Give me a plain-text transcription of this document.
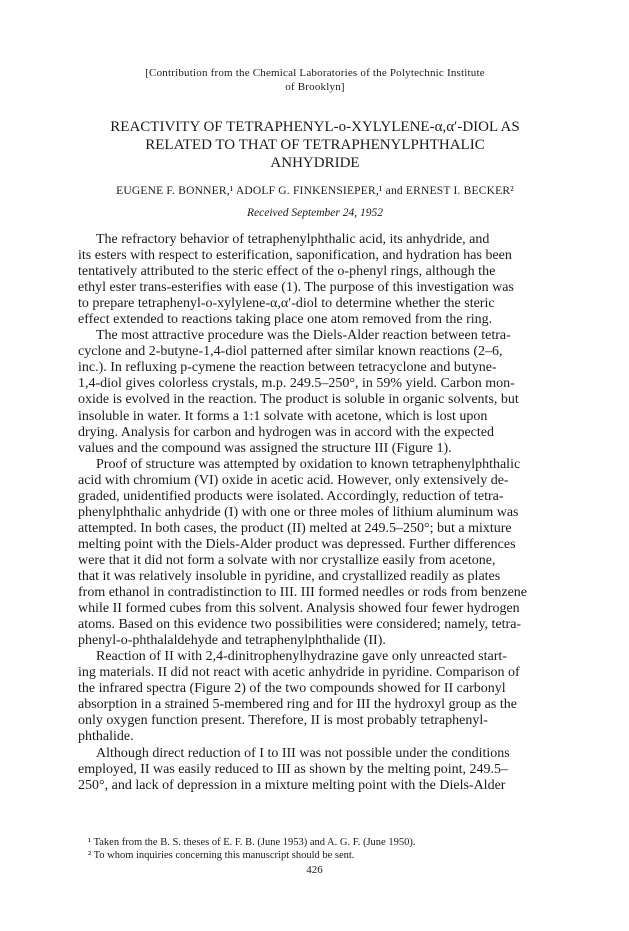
[Contribution from the Chemical Laboratories of the Polytechnic Institute
of Brooklyn]
REACTIVITY OF TETRAPHENYL-o-XYLYLENE-α,α′-DIOL AS
RELATED TO THAT OF TETRAPHENYLPHTHALIC
ANHYDRIDE
EUGENE F. BONNER,¹ ADOLF G. FINKENSIEPER,¹ and ERNEST I. BECKER²
Received September 24, 1952
The refractory behavior of tetraphenylphthalic acid, its anhydride, and
its esters with respect to esterification, saponification, and hydration has been
tentatively attributed to the steric effect of the o-phenyl rings, although the
ethyl ester trans-esterifies with ease (1). The purpose of this investigation was
to prepare tetraphenyl-o-xylylene-α,α′-diol to determine whether the steric
effect extended to reactions taking place one atom removed from the ring.
The most attractive procedure was the Diels-Alder reaction between tetra-
cyclone and 2-butyne-1,4-diol patterned after similar known reactions (2–6,
inc.). In refluxing p-cymene the reaction between tetracyclone and butyne-
1,4-diol gives colorless crystals, m.p. 249.5–250°, in 59% yield. Carbon mon-
oxide is evolved in the reaction. The product is soluble in organic solvents, but
insoluble in water. It forms a 1:1 solvate with acetone, which is lost upon
drying. Analysis for carbon and hydrogen was in accord with the expected
values and the compound was assigned the structure III (Figure 1).
Proof of structure was attempted by oxidation to known tetraphenylphthalic
acid with chromium (VI) oxide in acetic acid. However, only extensively de-
graded, unidentified products were isolated. Accordingly, reduction of tetra-
phenylphthalic anhydride (I) with one or three moles of lithium aluminum was
attempted. In both cases, the product (II) melted at 249.5–250°; but a mixture
melting point with the Diels-Alder product was depressed. Further differences
were that it did not form a solvate with nor crystallize easily from acetone,
that it was relatively insoluble in pyridine, and crystallized readily as plates
from ethanol in contradistinction to III. III formed needles or rods from benzene
while II formed cubes from this solvent. Analysis showed four fewer hydrogen
atoms. Based on this evidence two possibilities were considered; namely, tetra-
phenyl-o-phthalaldehyde and tetraphenylphthalide (II).
Reaction of II with 2,4-dinitrophenylhydrazine gave only unreacted start-
ing materials. II did not react with acetic anhydride in pyridine. Comparison of
the infrared spectra (Figure 2) of the two compounds showed for II carbonyl
absorption in a strained 5-membered ring and for III the hydroxyl group as the
only oxygen function present. Therefore, II is most probably tetraphenyl-
phthalide.
Although direct reduction of I to III was not possible under the conditions
employed, II was easily reduced to III as shown by the melting point, 249.5–
250°, and lack of depression in a mixture melting point with the Diels-Alder
¹ Taken from the B. S. theses of E. F. B. (June 1953) and A. G. F. (June 1950).
² To whom inquiries concerning this manuscript should be sent.
426
